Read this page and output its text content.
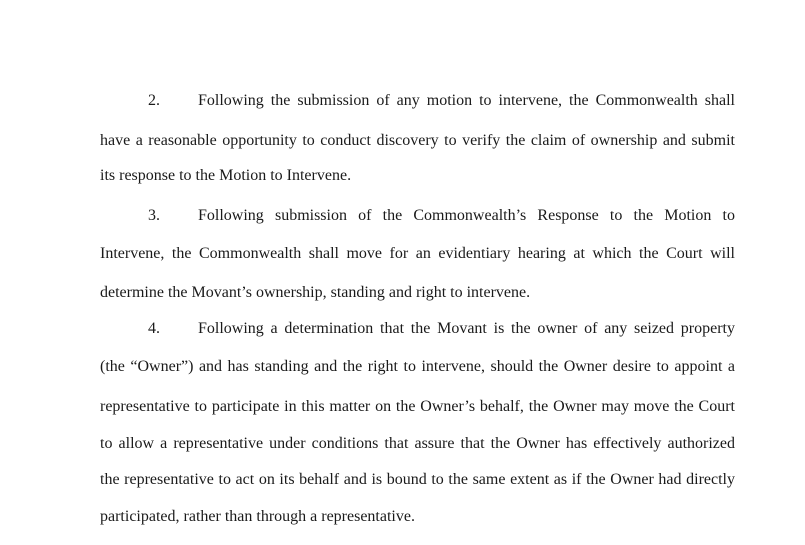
2. Following the submission of any motion to intervene, the Commonwealth shall
have a reasonable opportunity to conduct discovery to verify the claim of ownership and submit
its response to the Motion to Intervene.
3. Following submission of the Commonwealth’s Response to the Motion to
Intervene, the Commonwealth shall move for an evidentiary hearing at which the Court will
determine the Movant’s ownership, standing and right to intervene.
4. Following a determination that the Movant is the owner of any seized property
(the “Owner”) and has standing and the right to intervene, should the Owner desire to appoint a
representative to participate in this matter on the Owner’s behalf, the Owner may move the Court
to allow a representative under conditions that assure that the Owner has effectively authorized
the representative to act on its behalf and is bound to the same extent as if the Owner had directly
participated, rather than through a representative.
